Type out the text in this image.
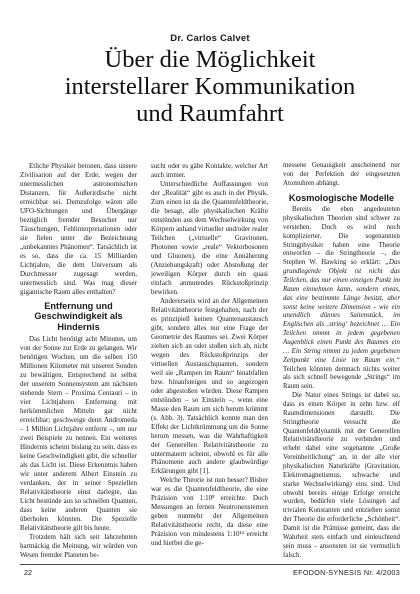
Dr. Carlos Calvet
Über die Möglichkeit
interstellarer Kommunikation
und Raumfahrt

Etliche Physiker betonen, dass unsere Zivilisation auf der Erde, wegen der unermesslichen astronomischen Distanzen, für Außerirdische nicht erreichbar sei. Demzufolge wären alle UFO-Sichtungen und Übergänge bezüglich fremder Besucher nur Täuschungen, Fehlinterpretationen oder sie fielen unter die Bezeichnung „unbekanntes Phänomen“. Tatsächlich ist es so, dass die ca. 15 Milliarden Lichtjahre, die dem Universum als Durchmesser zugesagt werden, unermesslich sind. Was mag dieser gigantische Raum alles enthalten?

Entfernung und Geschwindigkeit als Hindernis

Das Licht benötigt acht Minuten, um von der Sonne zur Erde zu gelangen. Wir benötigen Wochen, um die selben 150 Millionen Kilometer mit unseren Sonden zu bewältigen. Entsprechend ist selbst der unserem Sonnensystem am nächsten stehende Stern – Proxima Centauri – in vier Lichtjahren Entfernung mit herkömmlichen Mitteln gar nicht erreichbar; geschweige denn Andromeda – 1 Million Lichtjahre entfernt –, um nur zwei Beispiele zu nennen. Ein weiteres Hindernis scheint bislang zu sein, dass es keine Geschwindigkeit gibt, die schneller als das Licht ist. Diese Erkenntnis haben wir unter anderem Albert Einstein zu verdanken, der in seiner Speziellen Relativitätstheorie einst darlegte, das Licht bestünde aus so schnellen Quanten, dass keine anderen Quanten sie überholen könnten. Die Spezielle Relativitätstheorie gilt bis heute.

Trotzdem hält sich seit Jahrzehnten hartnäckig die Meinung, wir würden von Wesen fremder Planeten be-

sucht oder es gäbe Kontakte, welcher Art auch immer.

Unterschiedliche Auffassungen von der „Realität“ gibt es auch in der Physik. Zum einen ist da die Quantenfeldtheorie, die besagt, alle physikalischen Kräfte entstünden aus dem Wechselwirkung von Körpern anhand virtueller und/oder realer Teilchen („virtuelle“ Gravitonen, Photonen sowie „reale“ Vektorbosonen und Gluonen), die eine Annäherung (Anziehungskraft) oder Abstoßung der jeweiligen Körper durch ein quasi einfach anmutendes Rückstoßprinzip bewirken.

Andererseits wird an der Allgemeinen Relativitätstheorie festgehalten, nach der es prinzipiell keinen Quantenaustausch gibt, sondern alles nur eine Frage der Geometrie des Raumes sei. Zwei Körper ziehen sich an oder stoßen sich ab, nicht wegen des Rückstoßprinzips der virtuellen Austauschquanten, sondern weil sie „Rampen im Raum“ hinabfallen bzw. hinaufsteigen und so angezogen oder abgestoßen würden. Diese Rampen entstünden – so Einstein –, wenn eine Masse den Raum um sich herum krümmt (s. Abb. 3). Tatsächlich konnte man den Effekt der Lichtkrümmung um die Sonne herum messen, was die Wahrhaftigkeit der Generellen Relativitätstheorie zu untermauern scheint, obwohl es für alle Phänomene auch andere glaubwürdige Erklärungen gibt [1].

Welche Theorie ist nun besser? Bisher war es die Quantenfeldtheorie, die eine Präzision von 1:10⁸ erreichte. Doch Messungen an fernen Neutronensternen geben nunmehr der Allgemeinen Relativitätstheorie recht, da diese eine Präzision von mindestens 1:10¹⁴ erreicht und hierbei die ge-

messene Genauigkeit anscheinend nur von der Perfektion der eingesetzten Atomuhren abhängt.

Kosmologische Modelle

Bereits die eben angedeuteten physikalischen Theorien sind schwer zu verstehen. Doch es wird noch komplizierter. Die sogenannten Stringphysiker haben eine Theorie entworfen – die Stringtheorie –, die Stephen W. Hawking so erklärt: „Das grundlegende Objekt ist nicht das Teilchen, das nur einen einzigen Punkt im Raum einnehmen kann, sondern etwas, das eine bestimmte Länge besitzt, aber sonst keine weitere Dimension - wie ein unendlich dünnes Saitenstück, im Englischen als ‚string‘ bezeichnet … Ein Teilchen nimmt in jedem gegebenen Augenblick einen Punkt des Raumes ein … Ein String nimmt zu jedem gegebenen Zeitpunkt eine Linie im Raum ein.“ Teilchen könnten demnach nichts weiter als sich schnell bewegende „Strings“ im Raum sein.

Die Natur eines Strings ist dabei so, dass es einen Körper in zehn bzw. elf Raumdimensionen darstellt. Die Stringtheorie versucht die Quantenfelddynamik mit der Generellen Relativitätstheorie zu verbinden und erhebt dabei eine sogenannte „Große Vereinheitlichung“ an, in der alle vier physikalischen Naturkräfte (Gravitation, Elektromagnetismus, schwache und starke Wechselwirkung) eins sind. Und obwohl bereits einige Erfolge erreicht wurden, bedürfen viele Lösungen auf trivialen Konstanten und entziehen somit der Theorie die erforderliche „Schönheit“. Damit ist die Prämisse gemeint, dass die Wahrheit stets einfach und einleuchtend sein muss - ansonsten ist sie vermutlich falsch.

22	EFODON-SYNESIS Nr. 4/2003
